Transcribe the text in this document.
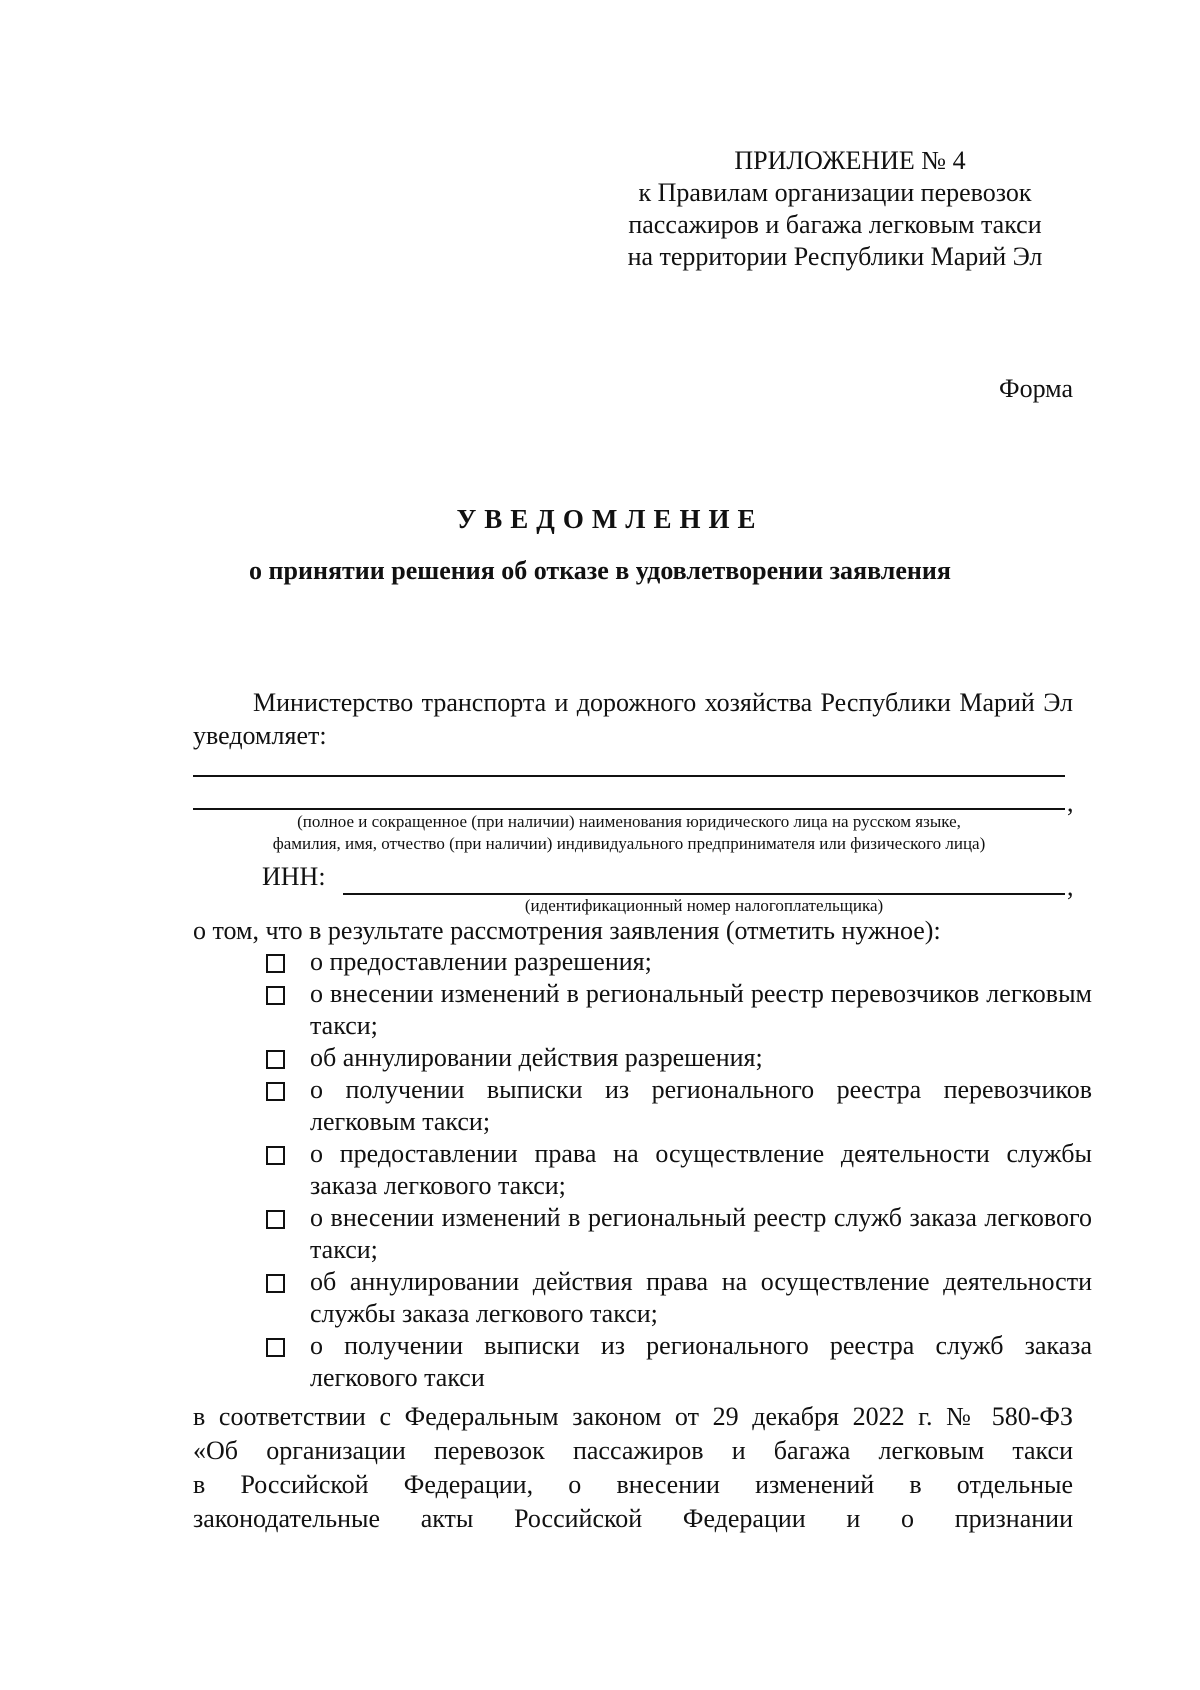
ПРИЛОЖЕНИЕ № 4
к Правилам организации перевозок
пассажиров и багажа легковым такси
на территории Республики Марий Эл
Форма
УВЕДОМЛЕНИЕ
о принятии решения об отказе в удовлетворении заявления
Министерство транспорта и дорожного хозяйства Республики Марий Эл уведомляет:
,
(полное и сокращенное (при наличии) наименования юридического лица на русском языке,
фамилия, имя, отчество (при наличии) индивидуального предпринимателя или физического лица)
ИНН:	,
(идентификационный номер налогоплательщика)
о том, что в результате рассмотрения заявления (отметить нужное):
о предоставлении разрешения;
о внесении изменений в региональный реестр перевозчиков легковым такси;
об аннулировании действия разрешения;
о получении выписки из регионального реестра перевозчиков легковым такси;
о предоставлении права на осуществление деятельности службы заказа легкового такси;
о внесении изменений в региональный реестр служб заказа легкового такси;
об аннулировании действия права на осуществление деятельности службы заказа легкового такси;
о получении выписки из регионального реестра служб заказа легкового такси
в соответствии с Федеральным законом от 29 декабря 2022 г. № 580-ФЗ
«Об организации перевозок пассажиров и багажа легковым такси
в Российской Федерации, о внесении изменений в отдельные
законодательные акты Российской Федерации и о признании
